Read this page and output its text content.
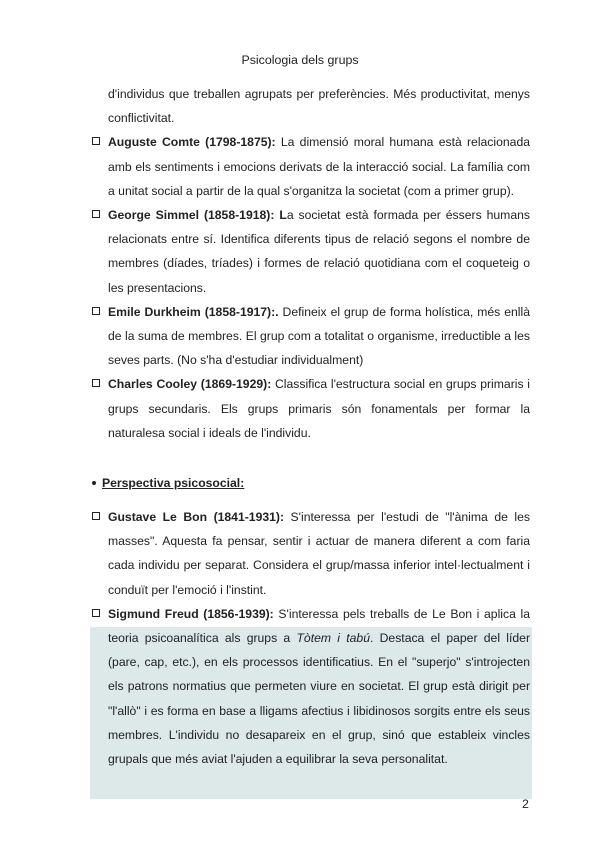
Psicologia dels grups

d'individus que treballen agrupats per preferències. Més productivitat, menys conflictivitat.

Auguste Comte (1798-1875): La dimensió moral humana està relacionada amb els sentiments i emocions derivats de la interacció social. La família com a unitat social a partir de la qual s'organitza la societat (com a primer grup).

George Simmel (1858-1918): La societat està formada per éssers humans relacionats entre sí. Identifica diferents tipus de relació segons el nombre de membres (díades, tríades) i formes de relació quotidiana com el coqueteig o les presentacions.

Emile Durkheim (1858-1917):. Defineix el grup de forma holística, més enllà de la suma de membres. El grup com a totalitat o organisme, irreductible a les seves parts. (No s'ha d'estudiar individualment)

Charles Cooley (1869-1929): Classifica l'estructura social en grups primaris i grups secundaris. Els grups primaris són fonamentals per formar la naturalesa social i ideals de l'individu.

Perspectiva psicosocial:

Gustave Le Bon (1841-1931): S'interessa per l'estudi de "l'ànima de les masses". Aquesta fa pensar, sentir i actuar de manera diferent a com faria cada individu per separat. Considera el grup/massa inferior intel·lectualment i conduït per l'emoció i l'instint.

Sigmund Freud (1856-1939): S'interessa pels treballs de Le Bon i aplica la teoria psicoanalítica als grups a Tòtem i tabú. Destaca el paper del líder (pare, cap, etc.), en els processos identificatius. En el "superjo" s'introjecten els patrons normatius que permeten viure en societat. El grup està dirigit per "l'allò" i es forma en base a lligams afectius i libidinosos sorgits entre els seus membres. L'individu no desapareix en el grup, sinó que estableix vincles grupals que més aviat l'ajuden a equilibrar la seva personalitat.

2
